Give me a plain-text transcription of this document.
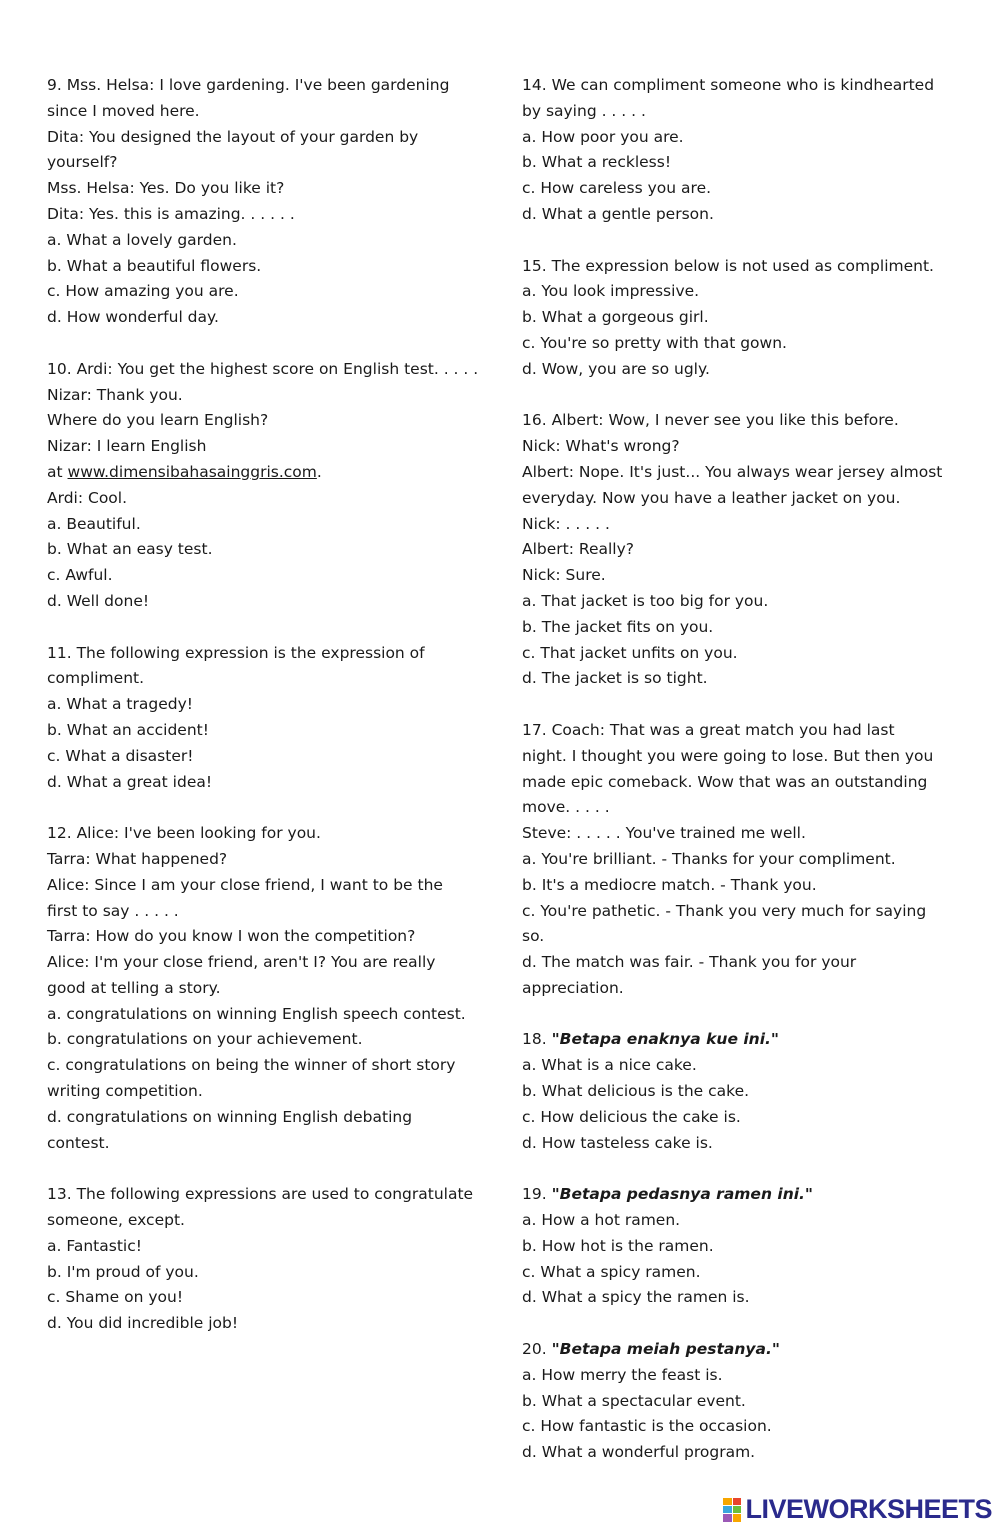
9. Mss. Helsa: I love gardening. I've been gardening
since I moved here.
Dita: You designed the layout of your garden by
yourself?
Mss. Helsa: Yes. Do you like it?
Dita: Yes. this is amazing. . . . . .
a. What a lovely garden.
b. What a beautiful flowers.
c. How amazing you are.
d. How wonderful day.
10. Ardi: You get the highest score on English test. . . . .
Nizar: Thank you.
Where do you learn English?
Nizar: I learn English
at www.dimensibahasainggris.com.
Ardi: Cool.
a. Beautiful.
b. What an easy test.
c. Awful.
d. Well done!
11. The following expression is the expression of
compliment.
a. What a tragedy!
b. What an accident!
c. What a disaster!
d. What a great idea!
12. Alice: I've been looking for you.
Tarra: What happened?
Alice: Since I am your close friend, I want to be the
first to say . . . . .
Tarra: How do you know I won the competition?
Alice: I'm your close friend, aren't I? You are really
good at telling a story.
a. congratulations on winning English speech contest.
b. congratulations on your achievement.
c. congratulations on being the winner of short story
writing competition.
d. congratulations on winning English debating
contest.
13. The following expressions are used to congratulate
someone, except.
a. Fantastic!
b. I'm proud of you.
c. Shame on you!
d. You did incredible job!
14. We can compliment someone who is kindhearted
by saying . . . . .
a. How poor you are.
b. What a reckless!
c. How careless you are.
d. What a gentle person.
15. The expression below is not used as compliment.
a. You look impressive.
b. What a gorgeous girl.
c. You're so pretty with that gown.
d. Wow, you are so ugly.
16. Albert: Wow, I never see you like this before.
Nick: What's wrong?
Albert: Nope. It's just... You always wear jersey almost
everyday. Now you have a leather jacket on you.
Nick: . . . . .
Albert: Really?
Nick: Sure.
a. That jacket is too big for you.
b. The jacket fits on you.
c. That jacket unfits on you.
d. The jacket is so tight.
17. Coach: That was a great match you had last
night. I thought you were going to lose. But then you
made epic comeback. Wow that was an outstanding
move. . . . .
Steve: . . . . . You've trained me well.
a. You're brilliant. - Thanks for your compliment.
b. It's a mediocre match. - Thank you.
c. You're pathetic. - Thank you very much for saying
so.
d. The match was fair. - Thank you for your
appreciation.
18. "Betapa enaknya kue ini."
a. What is a nice cake.
b. What delicious is the cake.
c. How delicious the cake is.
d. How tasteless cake is.
19. "Betapa pedasnya ramen ini."
a. How a hot ramen.
b. How hot is the ramen.
c. What a spicy ramen.
d. What a spicy the ramen is.
20. "Betapa meiah pestanya."
a. How merry the feast is.
b. What a spectacular event.
c. How fantastic is the occasion.
d. What a wonderful program.
LIVEWORKSHEETS
